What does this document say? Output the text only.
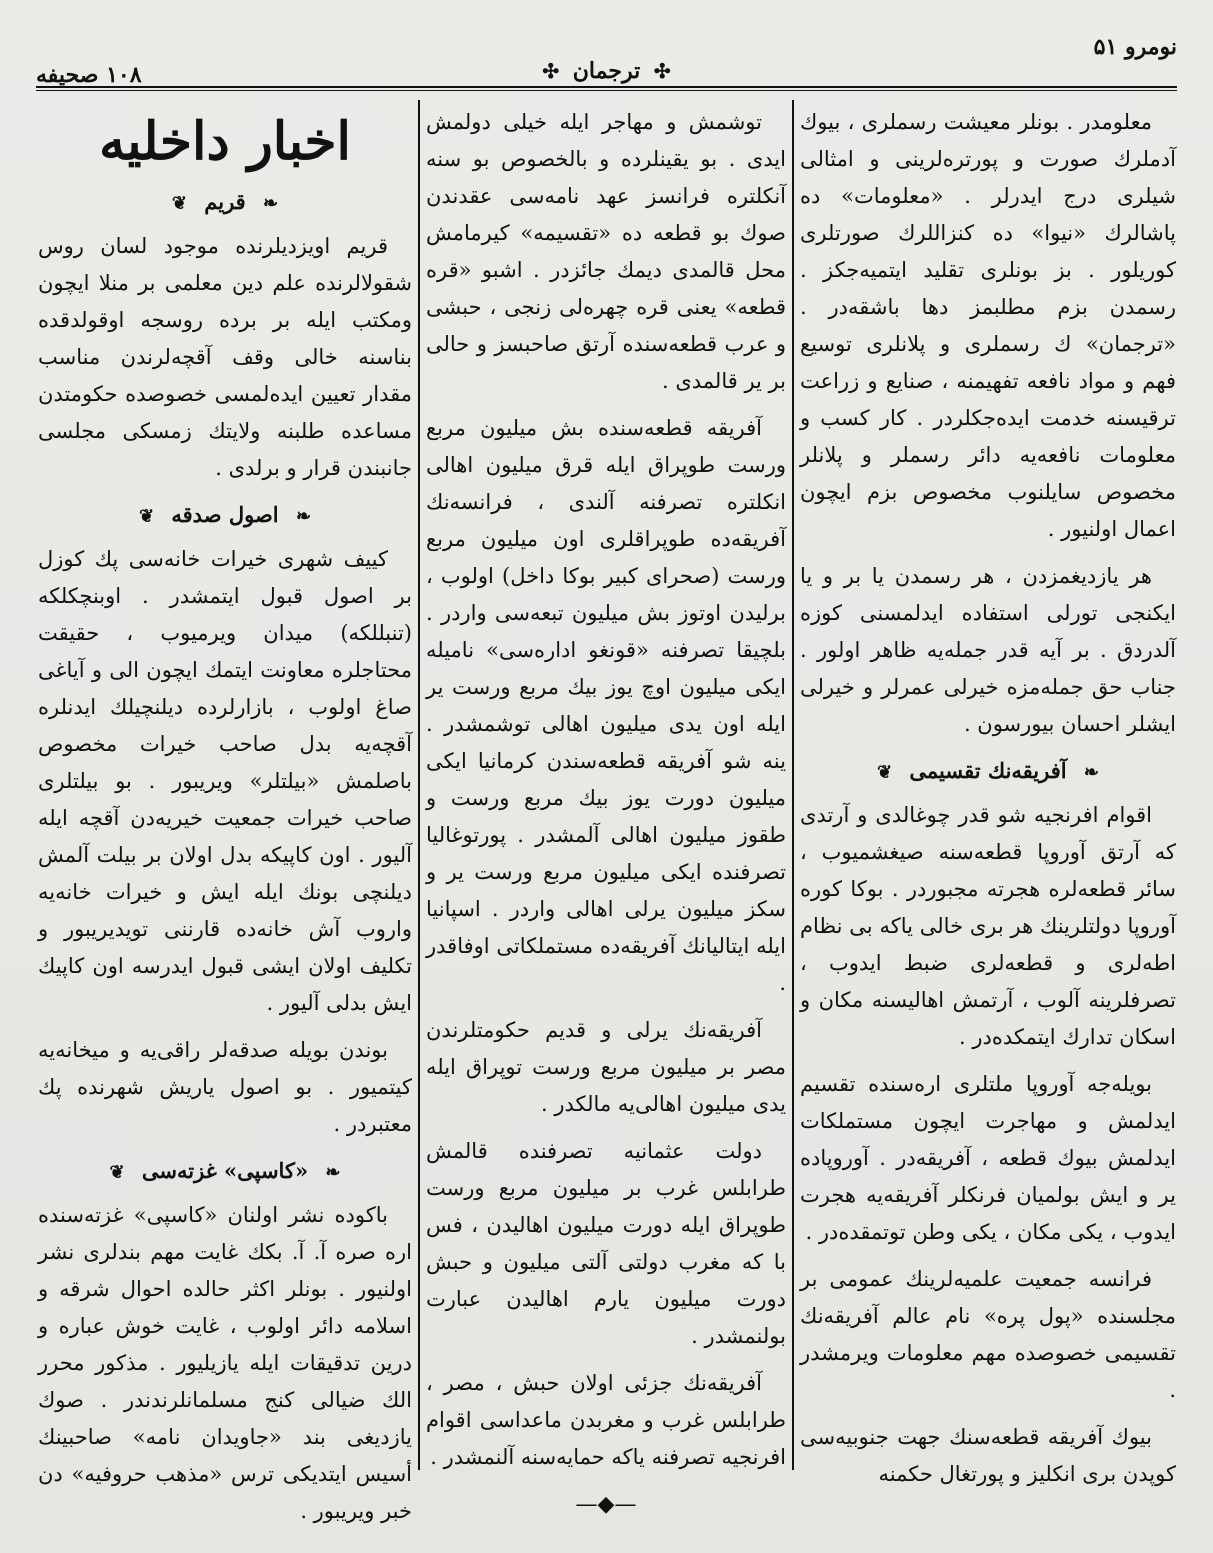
نومرو ۵۱
✣ ترجمان ✣
۱۰۸ صحیفه

معلومدر . بونلر معیشت رسملری ، بیوك آدملرك صورت و پورتره‌لرینی و امثالی شیلری درج ایدرلر . «معلومات» ده پاشالرك «نیوا» ده کنزاللرك صورتلری کوریلور . بز بونلری تقلید ایتمیه‌جکز . رسمدن بزم مطلبمز دها باشقه‌در . «ترجمان» ك رسملری و پلانلری توسیع فهم و مواد نافعه تفهیمنه ، صنایع و زراعت ترقیسنه خدمت ایده‌جکلردر . کار کسب و معلومات نافعه‌یه دائر رسملر و پلانلر مخصوص سایلنوب مخصوص بزم ایچون اعمال اولنیور .

هر یازدیغمزدن ، هر رسمدن یا بر و یا ایکنجی تورلی استفاده ایدلمسنی کوزه آلدردق . بر آیه قدر جمله‌یه ظاهر اولور . جناب حق جمله‌مزه خیرلی عمرلر و خیرلی ایشلر احسان بیورسون .

❧ آفریقه‌نك تقسیمی ❦

اقوام افرنجیه شو قدر چوغالدی و آرتدی که آرتق آوروپا قطعه‌سنه صیغشمیوب ، سائر قطعه‌لره هجرته مجبوردر . بوکا کوره آوروپا دولتلرینك هر بری خالی یاکه بی نظام اطه‌لری و قطعه‌لری ضبط ایدوب ، تصرفلرینه آلوب ، آرتمش اهالیسنه مکان و اسکان تدارك ایتمکده‌در .

بویله‌جه آوروپا ملتلری اره‌سنده تقسیم ایدلمش و مهاجرت ایچون مستملکات ایدلمش بیوك قطعه ، آفریقه‌در . آوروپاده یر و ایش بولمیان فرنکلر آفریقه‌یه هجرت ایدوب ، یکی مکان ، یکی وطن توتمقده‌در .

فرانسه جمعیت علمیه‌لرینك عمومی بر مجلسنده «پول پره» نام عالم آفریقه‌نك تقسیمی خصوصده مهم معلومات ویرمشدر .

بیوك آفریقه قطعه‌سنك جهت جنوبیه‌سی کوپدن بری انکلیز و پورتغال حکمنه

توشمش و مهاجر ایله خیلی دولمش ایدی . بو یقینلرده و بالخصوص بو سنه آنکلتره فرانسز عهد نامه‌سی عقدندن صوك بو قطعه ده «تقسیمه» کیرمامش محل قالمدی دیمك جائزدر . اشبو «قره قطعه» یعنی قره چهره‌لی زنجی ، حبشی و عرب قطعه‌سنده آرتق صاحبسز و حالی بر یر قالمدی .

آفریقه قطعه‌سنده بش میلیون مربع ورست طوپراق ایله قرق میلیون اهالی انکلتره تصرفنه آلندی ، فرانسه‌نك آفریقه‌ده طوپراقلری اون میلیون مربع ورست (صحرای کبیر بوکا داخل) اولوب ، برلیدن اوتوز بش میلیون تبعه‌سی واردر . بلچیقا تصرفنه «قونغو اداره‌سی» نامیله ایکی میلیون اوچ یوز بیك مربع ورست یر ایله اون یدی میلیون اهالی توشمشدر . ینه شو آفریقه قطعه‌سندن کرمانیا ایکی میلیون دورت یوز بیك مربع ورست و طقوز میلیون اهالی آلمشدر . پورتوغالیا تصرفنده ایکی میلیون مربع ورست یر و سکز میلیون یرلی اهالی واردر . اسپانیا ایله ایتالیانك آفریقه‌ده مستملکاتی اوفاقدر .

آفریقه‌نك یرلی و قدیم حکومتلرندن مصر بر میلیون مربع ورست توپراق ایله یدی میلیون اهالی‌یه مالکدر .

دولت عثمانیه تصرفنده قالمش طرابلس غرب بر میلیون مربع ورست طوپراق ایله دورت میلیون اهالیدن ، فس با که مغرب دولتی آلتی میلیون و حبش دورت میلیون یارم اهالیدن عبارت بولنمشدر .

آفریقه‌نك جزئی اولان حبش ، مصر ، طرابلس غرب و مغربدن ماعداسی اقوام افرنجیه تصرفنه یاکه حمایه‌سنه آلنمشدر .

—◆—
اخبار داخلیه
❧ قریم ❦

قریم اویزدیلرنده موجود لسان روس شقولالرنده علم دین معلمی بر منلا ایچون ومکتب ایله بر برده روسجه اوقولدقده بناسنه خالی وقف آقچه‌لرندن مناسب مقدار تعیین ایده‌لمسی خصوصده حکومتدن مساعده طلبنه ولایتك زمسکی مجلسی جانبندن قرار و برلدی .

❧ اصول صدقه ❦

کییف شهری خیرات خانه‌سی پك کوزل بر اصول قبول ایتمشدر . اوبنچکلکه (تنبللکه) میدان ویرمیوب ، حقیقت محتاجلره معاونت ایتمك ایچون الی و آیاغی صاغ اولوب ، بازارلرده دیلنچیلك ایدنلره آقچه‌یه بدل صاحب خیرات مخصوص باصلمش «بیلتلر» ویریبور . بو بیلتلری صاحب خیرات جمعیت خیریه‌دن آقچه ایله آلیور . اون کاپیکه بدل اولان بر بیلت آلمش دیلنچی بونك ایله ایش و خیرات خانه‌یه واروب آش خانه‌ده قارننی تویدیریبور و تکلیف اولان ایشی قبول ایدرسه اون کاپیك ایش بدلی آلیور .

بوندن بویله صدقه‌لر راقی‌یه و میخانه‌یه کیتمیور . بو اصول یاریش شهرنده پك معتبردر .

❧ «کاسپی» غزته‌سی ❦

باکوده نشر اولنان «کاسپی» غزته‌سنده اره صره آ. آ. بکك غایت مهم بندلری نشر اولنیور . بونلر اکثر حالده احوال شرقه و اسلامه دائر اولوب ، غایت خوش عباره و درین تدقیقات ایله یازیلیور . مذکور محرر الك ضیالی کنج مسلمانلرندندر . صوك یازدیغی بند «جاویدان نامه» صاحبینك أسیس ایتدیکی ترس «مذهب حروفیه» دن خبر ویریبور .
